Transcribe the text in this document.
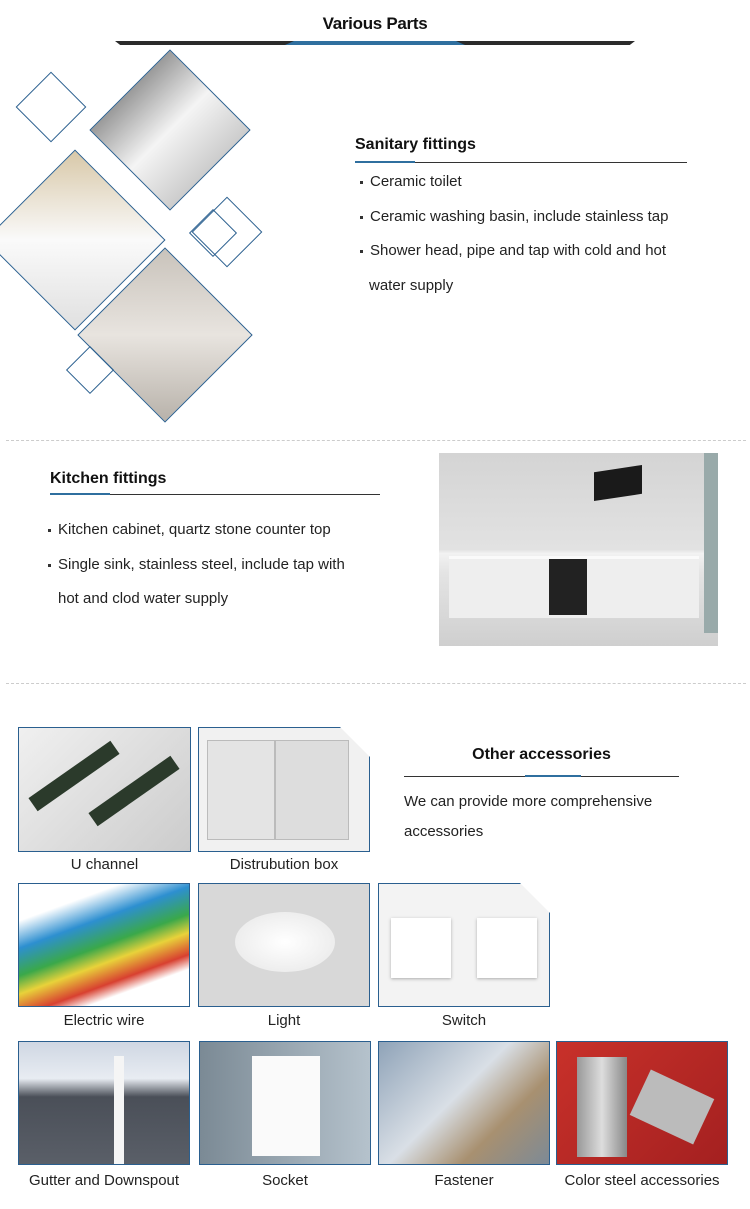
Various Parts
Sanitary fittings
Ceramic toilet
Ceramic washing basin, include stainless tap
Shower head, pipe and tap with cold and hot
water supply
Kitchen fittings
Kitchen cabinet, quartz stone counter top
Single sink, stainless steel, include tap with
hot and clod water supply
Other accessories
We can provide more comprehensive
accessories
U channel	Distrubution box
Electric wire	Light	Switch
Gutter and Downspout	Socket	Fastener	Color steel accessories
